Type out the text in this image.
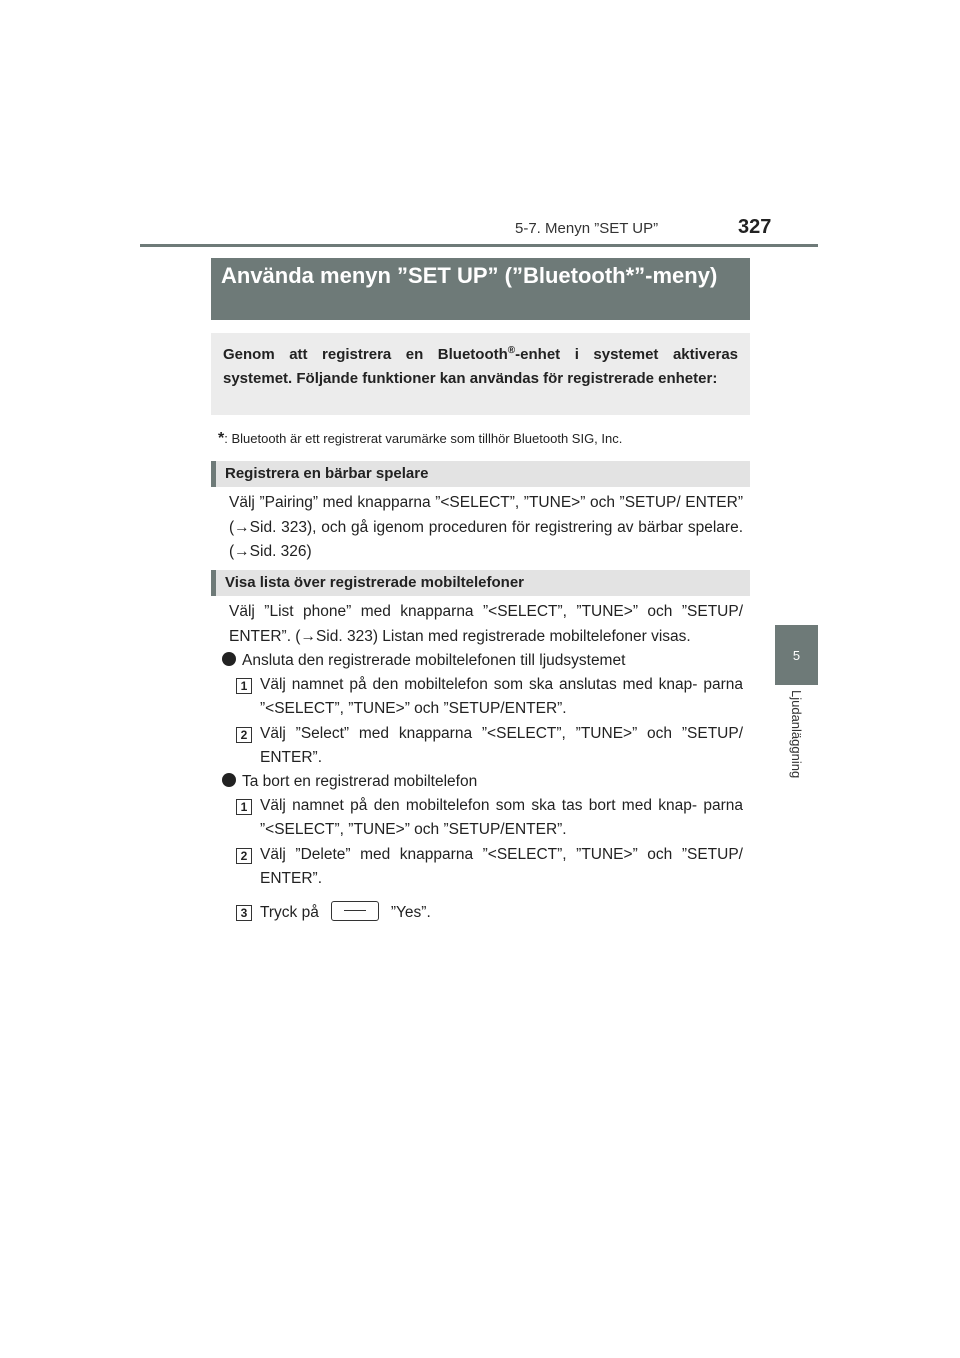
5-7. Menyn ”SET UP”	327
5
Ljudanläggning
Använda menyn ”SET UP” (”Bluetooth*”-meny)
Genom att registrera en Bluetooth®-enhet i systemet aktiveras systemet. Följande funktioner kan användas för registrerade enheter:
*: Bluetooth är ett registrerat varumärke som tillhör Bluetooth SIG, Inc.
Registrera en bärbar spelare
Välj ”Pairing” med knapparna ”<SELECT”, ”TUNE>” och ”SETUP/ ENTER” (→Sid. 323), och gå igenom proceduren för registrering av bärbar spelare. (→Sid. 326)
Visa lista över registrerade mobiltelefoner
Välj ”List phone” med knapparna ”<SELECT”, ”TUNE>” och ”SETUP/ ENTER”. (→Sid. 323) Listan med registrerade mobiltelefoner visas.
Ansluta den registrerade mobiltelefonen till ljudsystemet
1 Välj namnet på den mobiltelefon som ska anslutas med knap- parna ”<SELECT”, ”TUNE>” och ”SETUP/ENTER”.
2 Välj ”Select” med knapparna ”<SELECT”, ”TUNE>” och ”SETUP/ ENTER”.
Ta bort en registrerad mobiltelefon
1 Välj namnet på den mobiltelefon som ska tas bort med knap- parna ”<SELECT”, ”TUNE>” och ”SETUP/ENTER”.
2 Välj ”Delete” med knapparna ”<SELECT”, ”TUNE>” och ”SETUP/ ENTER”.
3 Tryck på	”Yes”.
